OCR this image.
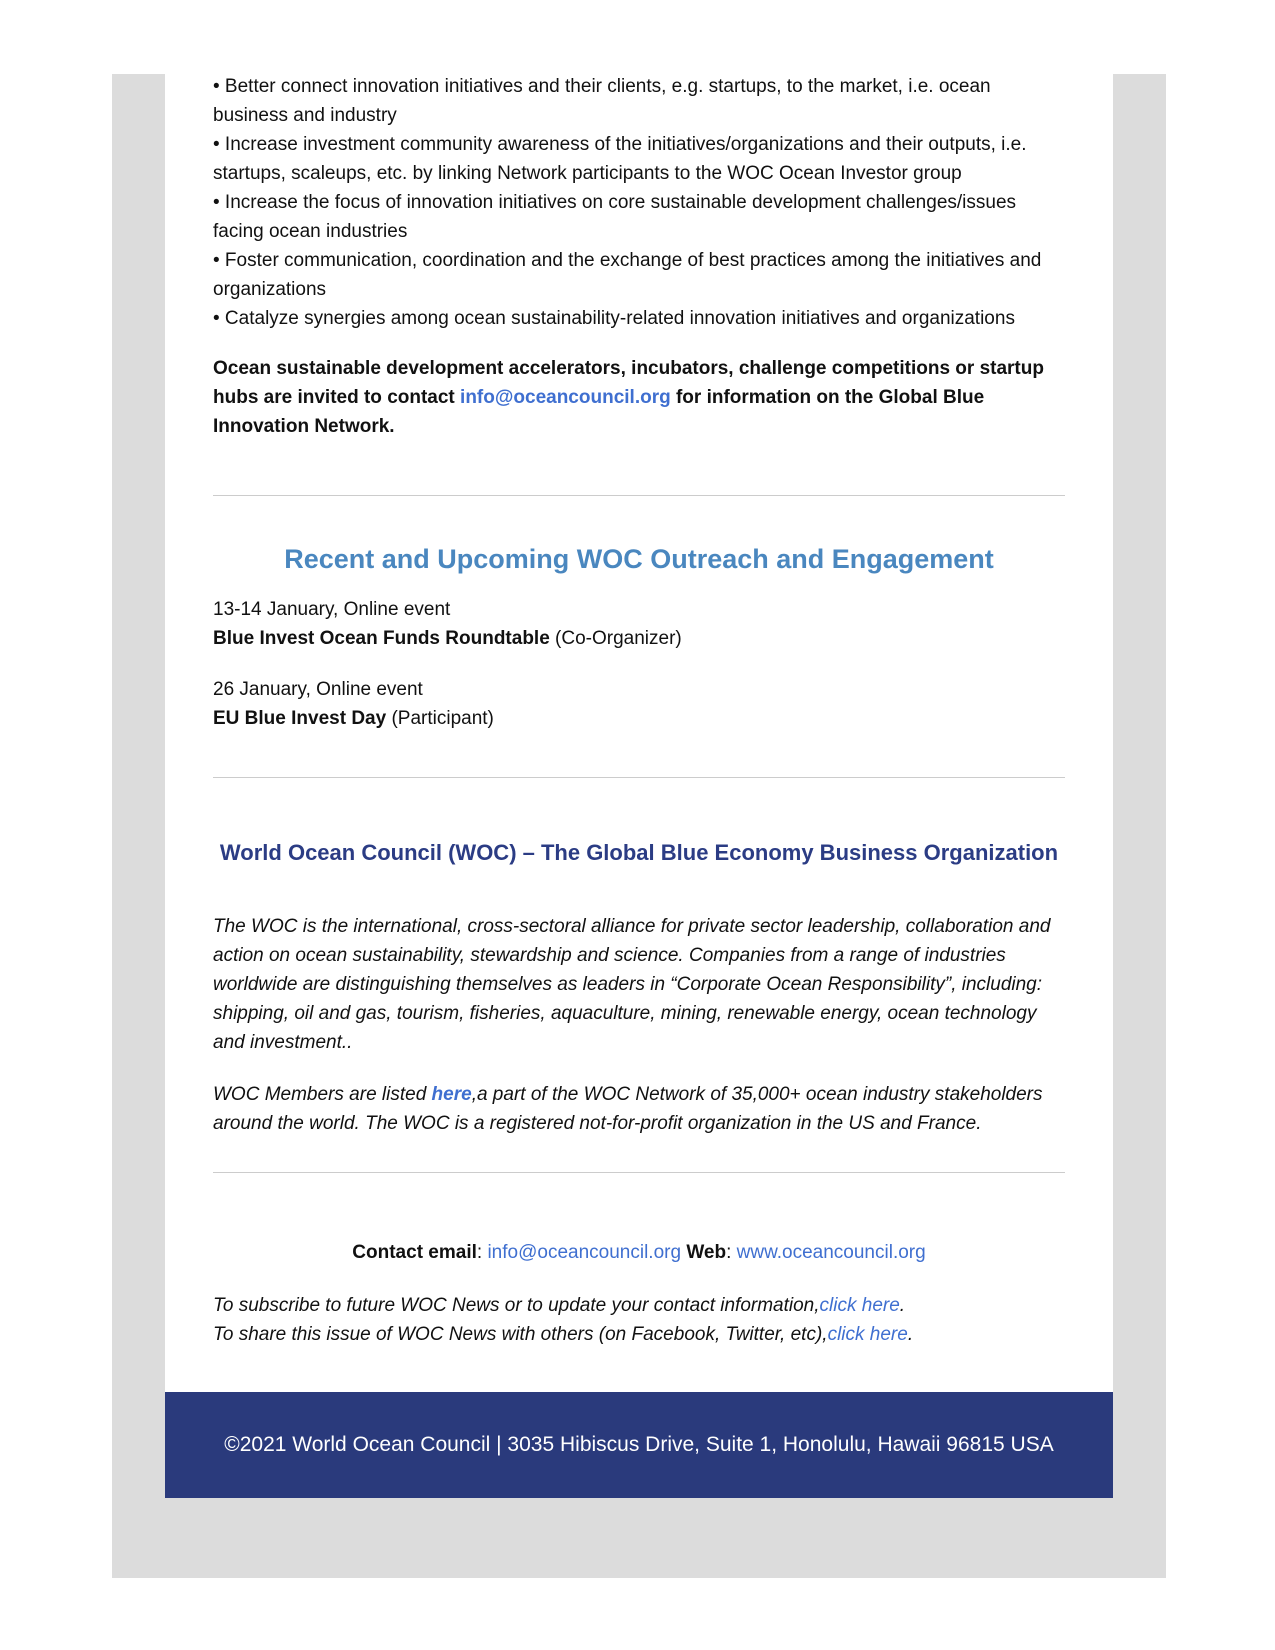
• Better connect innovation initiatives and their clients, e.g. startups, to the market, i.e. ocean business and industry

• Increase investment community awareness of the initiatives/organizations and their outputs, i.e. startups, scaleups, etc. by linking Network participants to the WOC Ocean Investor group

• Increase the focus of innovation initiatives on core sustainable development challenges/issues facing ocean industries

• Foster communication, coordination and the exchange of best practices among the initiatives and organizations

• Catalyze synergies among ocean sustainability-related innovation initiatives and organizations

Ocean sustainable development accelerators, incubators, challenge competitions or startup hubs are invited to contact info@oceancouncil.org for information on the Global Blue Innovation Network.
Recent and Upcoming WOC Outreach and Engagement
13-14 January, Online event
Blue Invest Ocean Funds Roundtable (Co-Organizer)
26 January, Online event
EU Blue Invest Day (Participant)
World Ocean Council (WOC) – The Global Blue Economy Business Organization

The WOC is the international, cross-sectoral alliance for private sector leadership, collaboration and action on ocean sustainability, stewardship and science. Companies from a range of industries worldwide are distinguishing themselves as leaders in “Corporate Ocean Responsibility”, including: shipping, oil and gas, tourism, fisheries, aquaculture, mining, renewable energy, ocean technology and investment..

WOC Members are listed here,a part of the WOC Network of 35,000+ ocean industry stakeholders around the world. The WOC is a registered not-for-profit organization in the US and France.

Contact email: info@oceancouncil.org Web: www.oceancouncil.org
To subscribe to future WOC News or to update your contact information,click here.
To share this issue of WOC News with others (on Facebook, Twitter, etc),click here.
©2021 World Ocean Council | 3035 Hibiscus Drive, Suite 1, Honolulu, Hawaii 96815 USA
